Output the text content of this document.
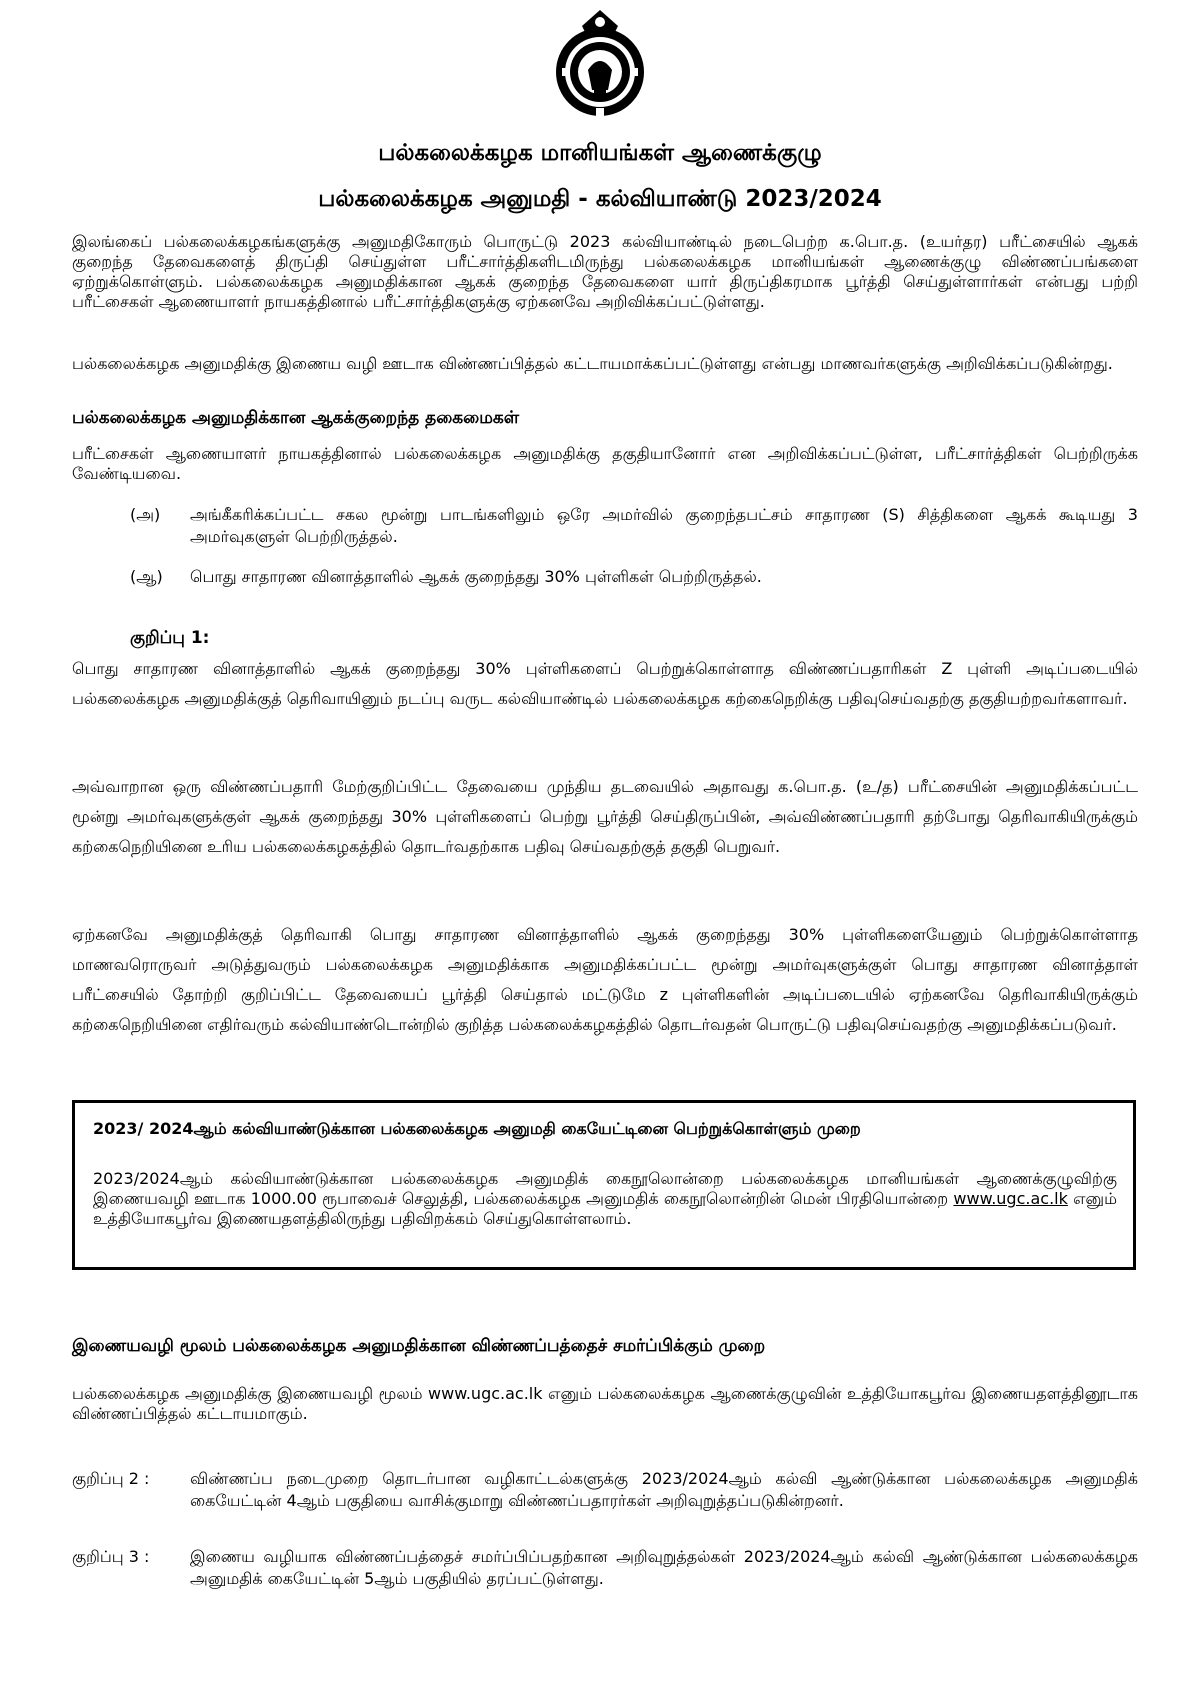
பல்கலைக்கழக மானியங்கள் ஆணைக்குழு
பல்கலைக்கழக அனுமதி - கல்வியாண்டு 2023/2024
இலங்கைப் பல்கலைக்கழகங்களுக்கு அனுமதிகோரும் பொருட்டு 2023 கல்வியாண்டில் நடைபெற்ற க.பொ.த. (உயர்தர) பரீட்சையில் ஆகக் குறைந்த தேவைகளைத் திருப்தி செய்துள்ள பரீட்சார்த்திகளிடமிருந்து பல்கலைக்கழக மானியங்கள் ஆணைக்குழு விண்ணப்பங்களை ஏற்றுக்கொள்ளும். பல்கலைக்கழக அனுமதிக்கான ஆகக் குறைந்த தேவைகளை யார் திருப்திகரமாக பூர்த்தி செய்துள்ளார்கள் என்பது பற்றி பரீட்சைகள் ஆணையாளர் நாயகத்தினால் பரீட்சார்த்திகளுக்கு ஏற்கனவே அறிவிக்கப்பட்டுள்ளது.
பல்கலைக்கழக அனுமதிக்கு இணைய வழி ஊடாக விண்ணப்பித்தல் கட்டாயமாக்கப்பட்டுள்ளது என்பது மாணவர்களுக்கு அறிவிக்கப்படுகின்றது.
பல்கலைக்கழக அனுமதிக்கான ஆகக்குறைந்த தகைமைகள்
பரீட்சைகள் ஆணையாளர் நாயகத்தினால் பல்கலைக்கழக அனுமதிக்கு தகுதியானோர் என அறிவிக்கப்பட்டுள்ள, பரீட்சார்த்திகள் பெற்றிருக்க வேண்டியவை.
(அ) அங்கீகரிக்கப்பட்ட சகல மூன்று பாடங்களிலும் ஒரே அமர்வில் குறைந்தபட்சம் சாதாரண (S) சித்திகளை ஆகக் கூடியது 3 அமர்வுகளுள் பெற்றிருத்தல்.
(ஆ) பொது சாதாரண வினாத்தாளில் ஆகக் குறைந்தது 30% புள்ளிகள் பெற்றிருத்தல்.
குறிப்பு 1:
பொது சாதாரண வினாத்தாளில் ஆகக் குறைந்தது 30% புள்ளிகளைப் பெற்றுக்கொள்ளாத விண்ணப்பதாரிகள் Z புள்ளி அடிப்படையில் பல்கலைக்கழக அனுமதிக்குத் தெரிவாயினும் நடப்பு வருட கல்வியாண்டில் பல்கலைக்கழக கற்கைநெறிக்கு பதிவுசெய்வதற்கு தகுதியற்றவர்களாவர்.
அவ்வாறான ஒரு விண்ணப்பதாரி மேற்குறிப்பிட்ட தேவையை முந்திய தடவையில் அதாவது க.பொ.த. (உ/த) பரீட்சையின் அனுமதிக்கப்பட்ட மூன்று அமர்வுகளுக்குள் ஆகக் குறைந்தது 30% புள்ளிகளைப் பெற்று பூர்த்தி செய்திருப்பின், அவ்விண்ணப்பதாரி தற்போது தெரிவாகியிருக்கும் கற்கைநெறியினை உரிய பல்கலைக்கழகத்தில் தொடர்வதற்காக பதிவு செய்வதற்குத் தகுதி பெறுவர்.
ஏற்கனவே அனுமதிக்குத் தெரிவாகி பொது சாதாரண வினாத்தாளில் ஆகக் குறைந்தது 30% புள்ளிகளையேனும் பெற்றுக்கொள்ளாத மாணவரொருவர் அடுத்துவரும் பல்கலைக்கழக அனுமதிக்காக அனுமதிக்கப்பட்ட மூன்று அமர்வுகளுக்குள் பொது சாதாரண வினாத்தாள் பரீட்சையில் தோற்றி குறிப்பிட்ட தேவையைப் பூர்த்தி செய்தால் மட்டுமே z புள்ளிகளின் அடிப்படையில் ஏற்கனவே தெரிவாகியிருக்கும் கற்கைநெறியினை எதிர்வரும் கல்வியாண்டொன்றில் குறித்த பல்கலைக்கழகத்தில் தொடர்வதன் பொருட்டு பதிவுசெய்வதற்கு அனுமதிக்கப்படுவர்.
2023/ 2024ஆம் கல்வியாண்டுக்கான பல்கலைக்கழக அனுமதி கையேட்டினை பெற்றுக்கொள்ளும் முறை
2023/2024ஆம் கல்வியாண்டுக்கான பல்கலைக்கழக அனுமதிக் கைநூலொன்றை பல்கலைக்கழக மானியங்கள் ஆணைக்குழுவிற்கு இணையவழி ஊடாக 1000.00 ரூபாவைச் செலுத்தி, பல்கலைக்கழக அனுமதிக் கைநூலொன்றின் மென் பிரதியொன்றை www.ugc.ac.lk எனும் உத்தியோகபூர்வ இணையதளத்திலிருந்து பதிவிறக்கம் செய்துகொள்ளலாம்.
இணையவழி மூலம் பல்கலைக்கழக அனுமதிக்கான விண்ணப்பத்தைச் சமர்ப்பிக்கும் முறை
பல்கலைக்கழக அனுமதிக்கு இணையவழி மூலம் www.ugc.ac.lk எனும் பல்கலைக்கழக ஆணைக்குழுவின் உத்தியோகபூர்வ இணையதளத்தினூடாக விண்ணப்பித்தல் கட்டாயமாகும்.
குறிப்பு 2 :	விண்ணப்ப நடைமுறை தொடர்பான வழிகாட்டல்களுக்கு 2023/2024ஆம் கல்வி ஆண்டுக்கான பல்கலைக்கழக அனுமதிக் கையேட்டின் 4ஆம் பகுதியை வாசிக்குமாறு விண்ணப்பதாரர்கள் அறிவுறுத்தப்படுகின்றனர்.
குறிப்பு 3 :	இணைய வழியாக விண்ணப்பத்தைச் சமர்ப்பிப்பதற்கான அறிவுறுத்தல்கள் 2023/2024ஆம் கல்வி ஆண்டுக்கான பல்கலைக்கழக அனுமதிக் கையேட்டின் 5ஆம் பகுதியில் தரப்பட்டுள்ளது.
